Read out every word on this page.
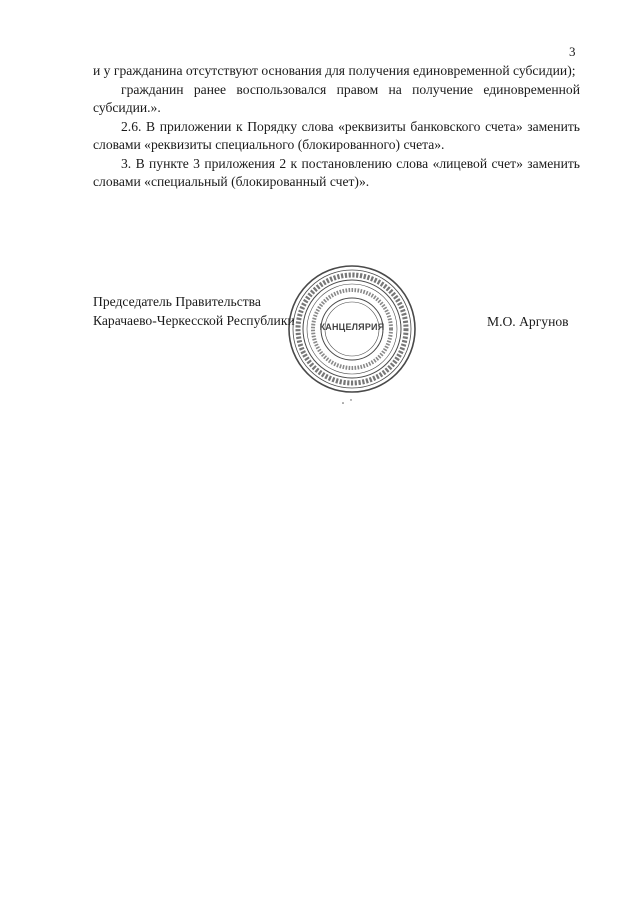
3

и у гражданина отсутствуют основания для получения единовременной субсидии);

гражданин ранее воспользовался правом на получение единовременной субсидии.».

2.6. В приложении к Порядку слова «реквизиты банковского счета» заменить словами «реквизиты специального (блокированного) счета».

3. В пункте 3 приложения 2 к постановлению слова «лицевой счет» заменить словами «специальный (блокированный счет)».

Председатель Правительства
Карачаево-Черкесской Республики	КАНЦЕЛЯРИЯ	М.О. Аргунов
